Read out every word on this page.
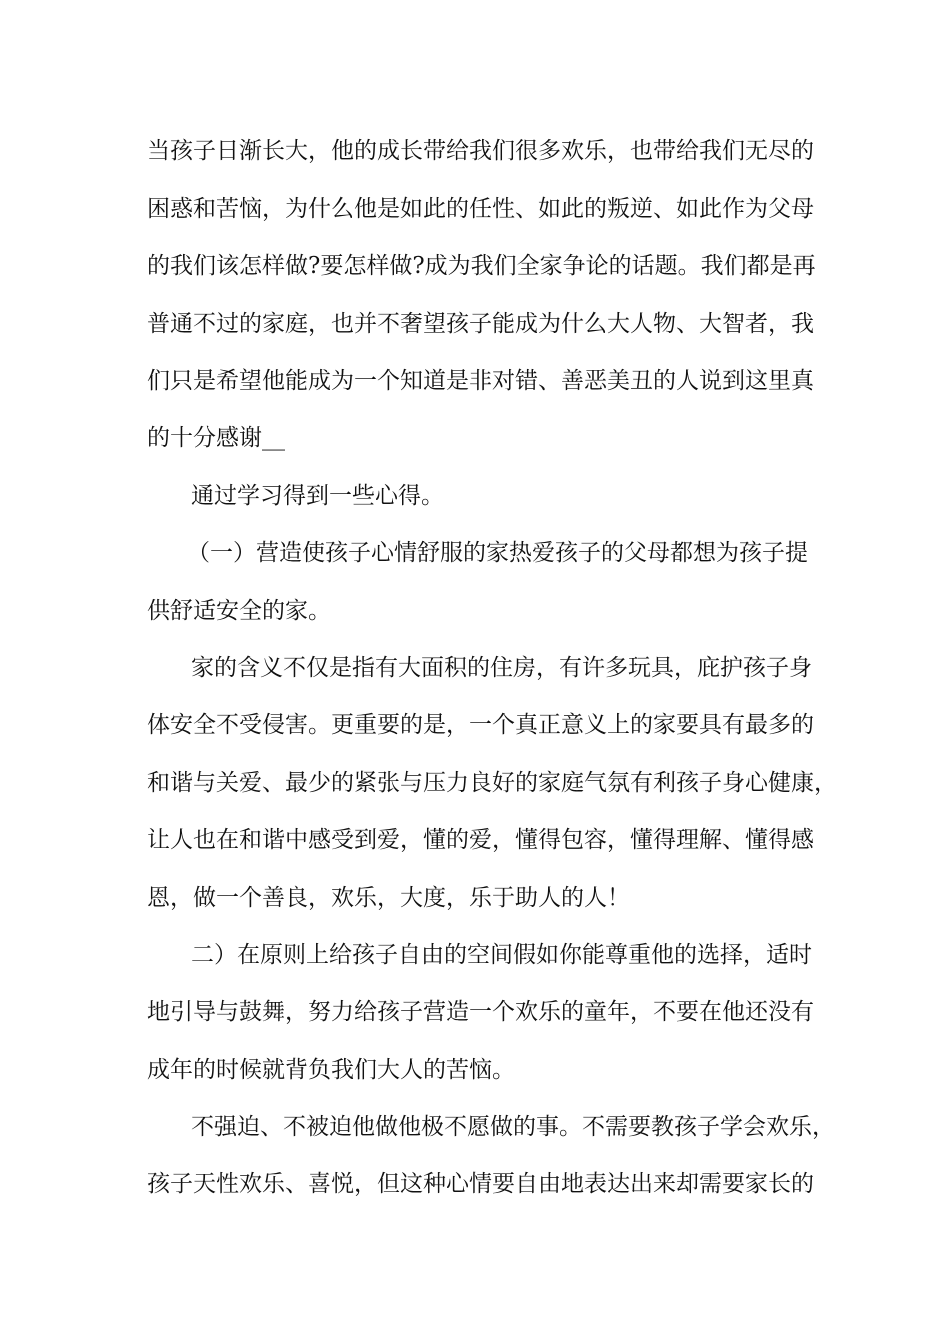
当孩子日渐长大，他的成长带给我们很多欢乐，也带给我们无尽的
困惑和苦恼，为什么他是如此的任性、如此的叛逆、如此作为父母
的我们该怎样做?要怎样做?成为我们全家争论的话题。我们都是再
普通不过的家庭，也并不奢望孩子能成为什么大人物、大智者，我
们只是希望他能成为一个知道是非对错、善恶美丑的人说到这里真
的十分感谢__
通过学习得到一些心得。
（一）营造使孩子心情舒服的家热爱孩子的父母都想为孩子提
供舒适安全的家。
家的含义不仅是指有大面积的住房，有许多玩具，庇护孩子身
体安全不受侵害。更重要的是，一个真正意义上的家要具有最多的
和谐与关爱、最少的紧张与压力良好的家庭气氛有利孩子身心健康，
让人也在和谐中感受到爱，懂的爱，懂得包容，懂得理解、懂得感
恩，做一个善良，欢乐，大度，乐于助人的人！
二）在原则上给孩子自由的空间假如你能尊重他的选择，适时
地引导与鼓舞，努力给孩子营造一个欢乐的童年，不要在他还没有
成年的时候就背负我们大人的苦恼。
不强迫、不被迫他做他极不愿做的事。不需要教孩子学会欢乐，
孩子天性欢乐、喜悦，但这种心情要自由地表达出来却需要家长的
